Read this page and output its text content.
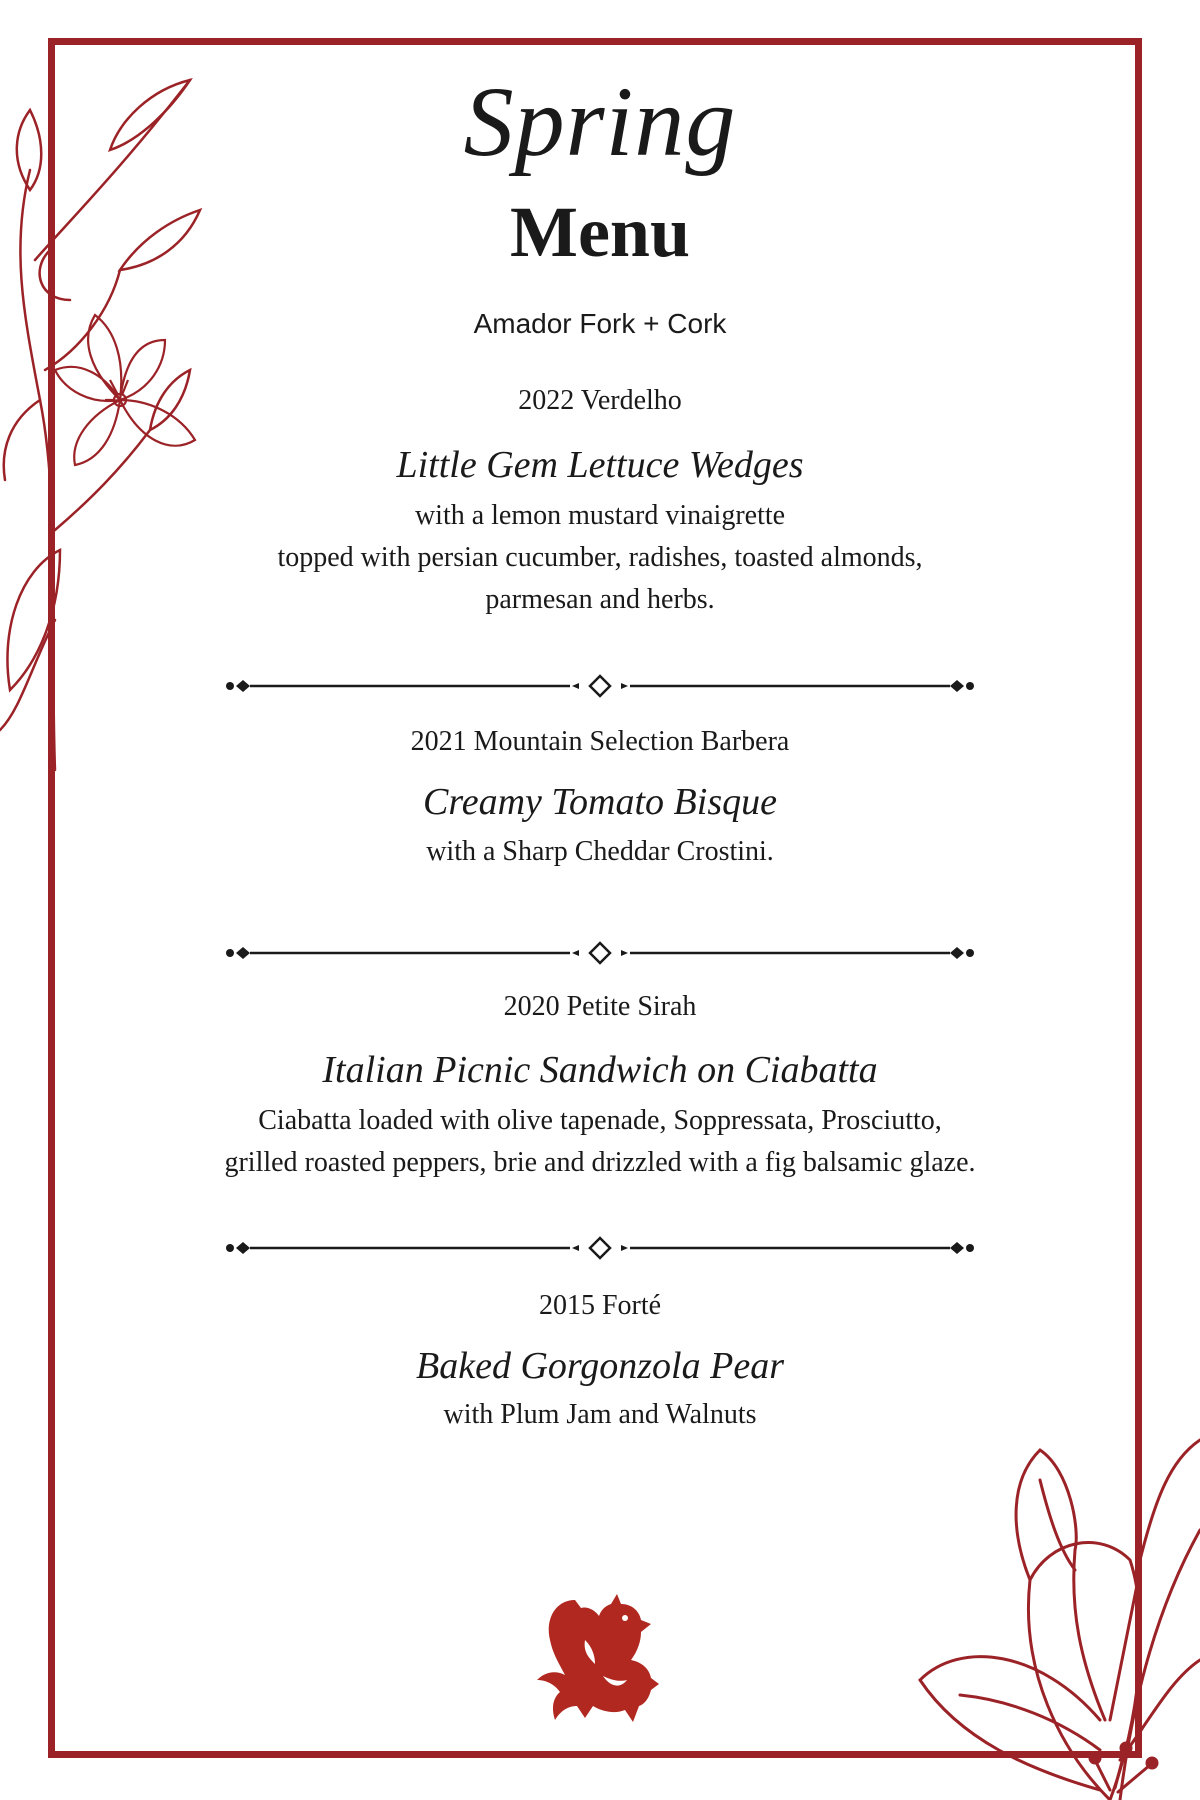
Spring
Menu
Amador Fork + Cork
2022 Verdelho
Little Gem Lettuce Wedges
with a lemon mustard vinaigrette
topped with persian cucumber, radishes, toasted almonds,
parmesan and herbs.
2021 Mountain Selection Barbera
Creamy Tomato Bisque
with a Sharp Cheddar Crostini.
2020 Petite Sirah
Italian Picnic Sandwich on Ciabatta
Ciabatta loaded with olive tapenade, Soppressata, Prosciutto,
grilled roasted peppers, brie and drizzled with a fig balsamic glaze.
2015 Forté
Baked Gorgonzola Pear
with Plum Jam and Walnuts
